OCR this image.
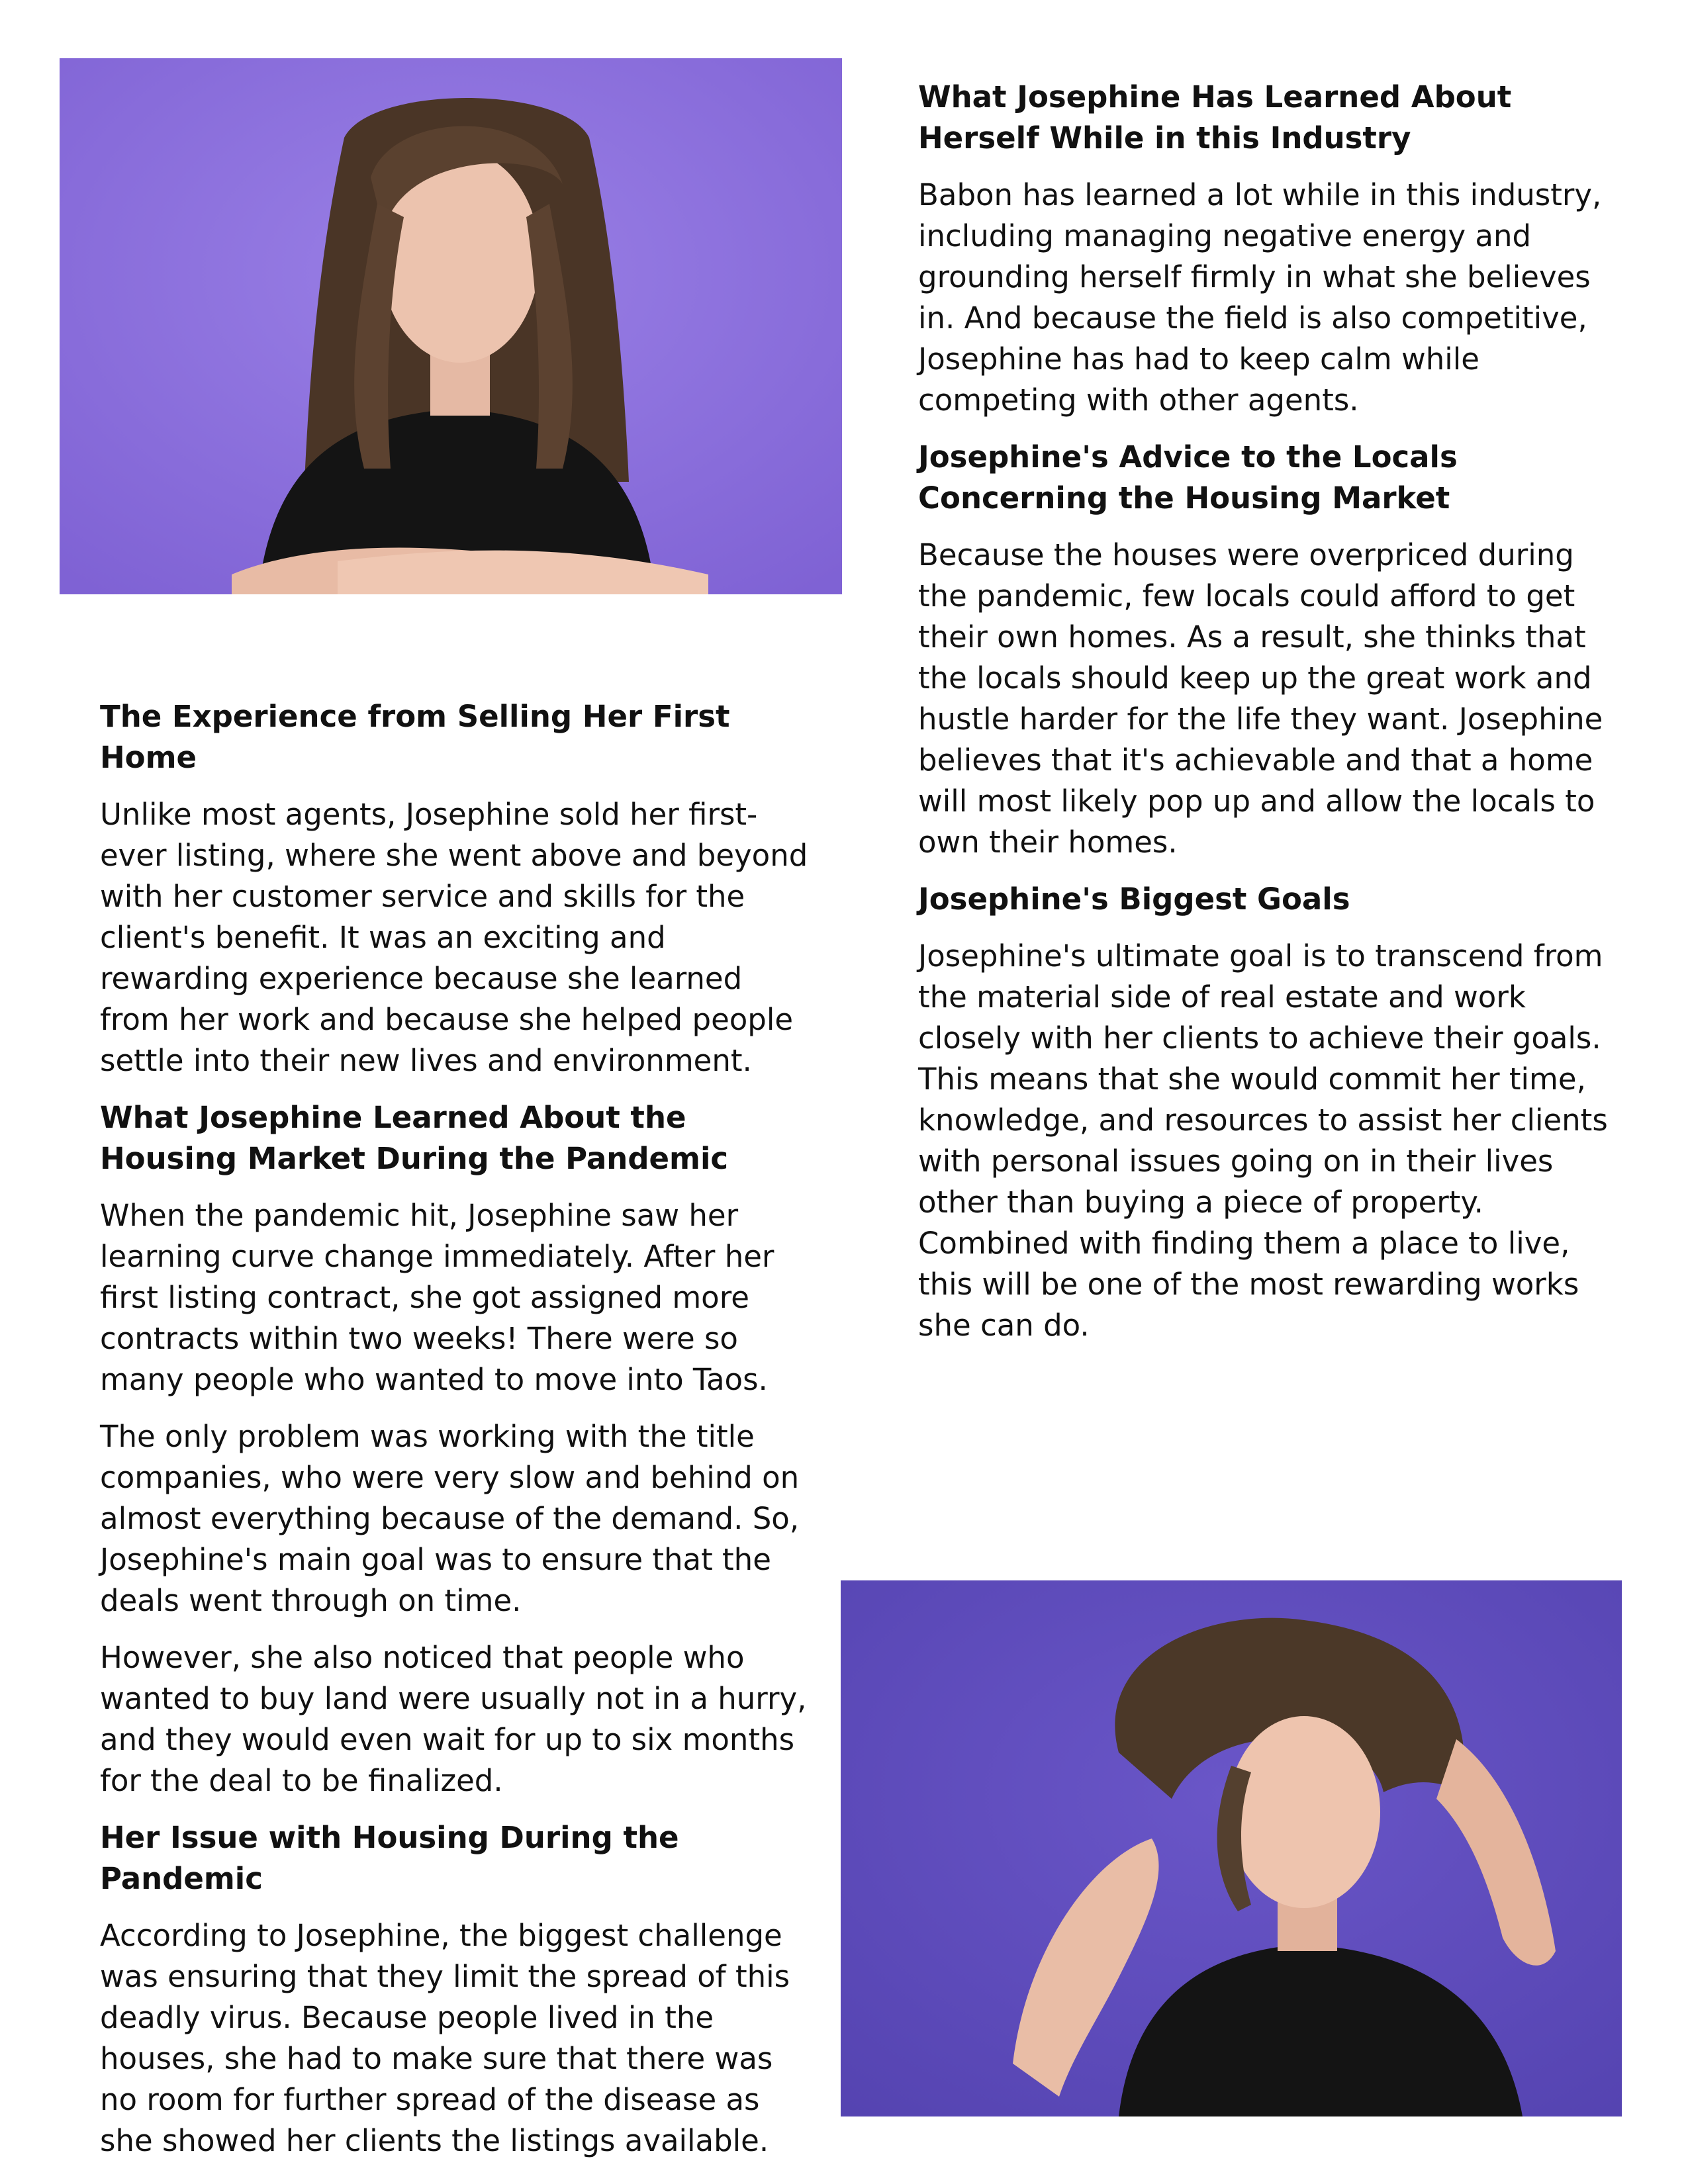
The Experience from Selling Her First Home

Unlike most agents, Josephine sold her first-ever listing, where she went above and beyond with her customer service and skills for the client's benefit. It was an exciting and rewarding experience because she learned from her work and because she helped people settle into their new lives and environment.

What Josephine Learned About the Housing Market During the Pandemic

When the pandemic hit, Josephine saw her learning curve change immediately. After her first listing contract, she got assigned more contracts within two weeks! There were so many people who wanted to move into Taos.

The only problem was working with the title companies, who were very slow and behind on almost everything because of the demand. So, Josephine's main goal was to ensure that the deals went through on time.

However, she also noticed that people who wanted to buy land were usually not in a hurry, and they would even wait for up to six months for the deal to be finalized.

Her Issue with Housing During the Pandemic

According to Josephine, the biggest challenge was ensuring that they limit the spread of this deadly virus. Because people lived in the houses, she had to make sure that there was no room for further spread of the disease as she showed her clients the listings available.

What Josephine Has Learned About Herself While in this Industry

Babon has learned a lot while in this industry, including managing negative energy and grounding herself firmly in what she believes in. And because the field is also competitive, Josephine has had to keep calm while competing with other agents.

Josephine's Advice to the Locals Concerning the Housing Market

Because the houses were overpriced during the pandemic, few locals could afford to get their own homes. As a result, she thinks that the locals should keep up the great work and hustle harder for the life they want. Josephine believes that it's achievable and that a home will most likely pop up and allow the locals to own their homes.

Josephine's Biggest Goals

Josephine's ultimate goal is to transcend from the material side of real estate and work closely with her clients to achieve their goals. This means that she would commit her time, knowledge, and resources to assist her clients with personal issues going on in their lives other than buying a piece of property. Combined with finding them a place to live, this will be one of the most rewarding works she can do.
